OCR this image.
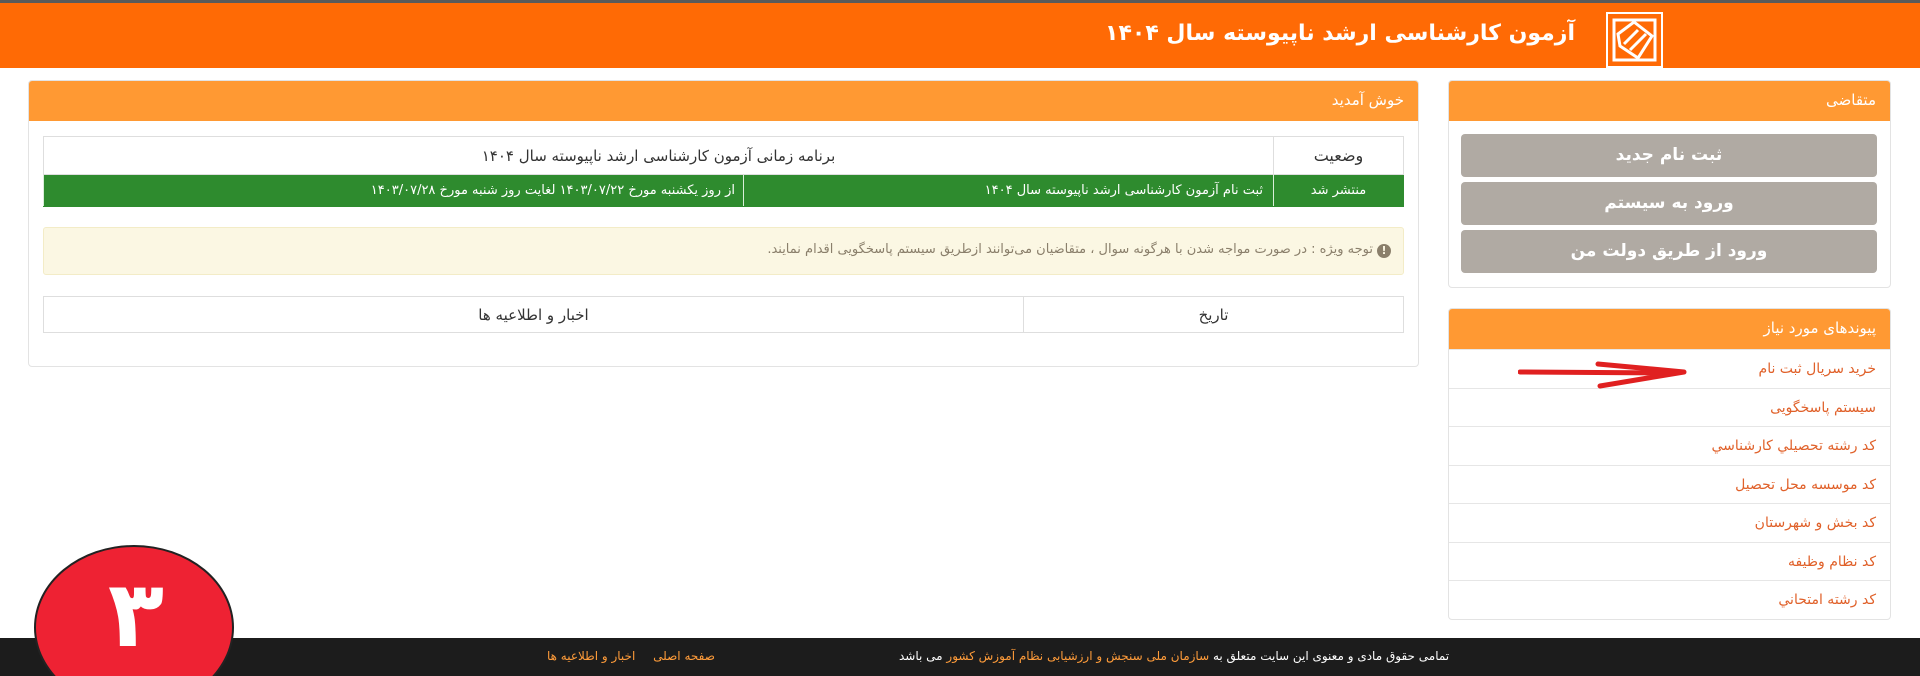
آزمون کارشناسی ارشد ناپیوسته سال ۱۴۰۴
متقاضی
ثبت نام جدید
ورود به سیستم
ورود از طریق دولت من
پیوندهای مورد نیاز
خرید سریال ثبت نام
سیستم پاسخگویی
كد رشته تحصيلي كارشناسي
كد موسسه محل تحصيل
كد بخش و شهرستان
كد نظام وظيفه
كد رشته امتحاني
خوش آمدید
وضعیت	برنامه زمانی آزمون کارشناسی ارشد ناپیوسته سال ۱۴۰۴	
منتشر شد	ثبت نام آزمون کارشناسی ارشد ناپیوسته سال ۱۴۰۴	از روز یکشنبه مورخ ۱۴۰۳/۰۷/۲۲ لغایت روز شنبه مورخ ۱۴۰۳/۰۷/۲۸
!توجه ویژه : در صورت مواجه شدن با هرگونه سوال ، متقاضیان می‌توانند ازطریق سیستم پاسخگویی اقدام نمایند.
تاریخ	اخبار و اطلاعیه ها
تمامی حقوق مادی و معنوی این سایت متعلق به سازمان ملی سنجش و ارزشیابی نظام آموزش کشور می باشد
صفحه اصلی اخبار و اطلاعیه ها
۳
